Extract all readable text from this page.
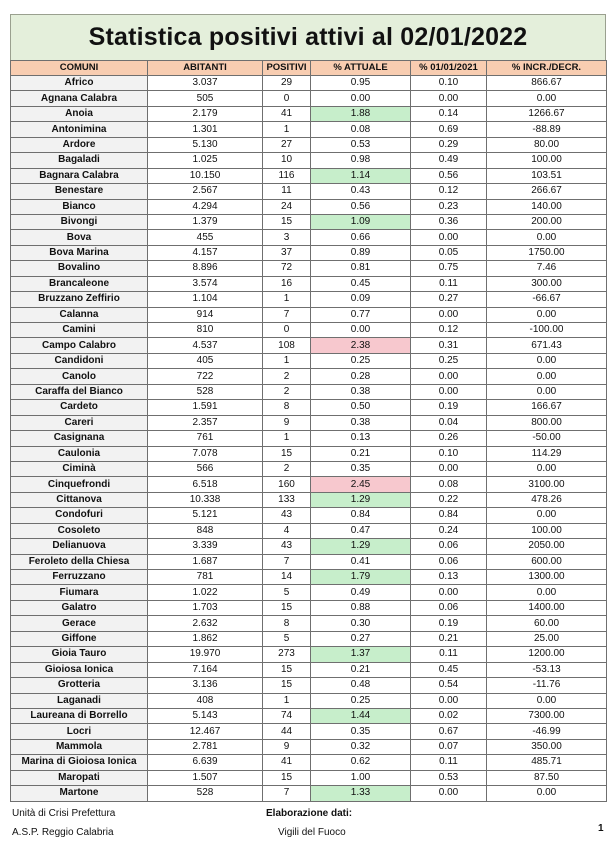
Statistica positivi attivi al 02/01/2022
COMUNI	ABITANTI	POSITIVI	% ATTUALE	% 01/01/2021	% INCR./DECR.
Africo	3.037	29	0.95	0.10	866.67
Agnana Calabra	505	0	0.00	0.00	0.00
Anoia	2.179	41	1.88	0.14	1266.67
Antonimina	1.301	1	0.08	0.69	-88.89
Ardore	5.130	27	0.53	0.29	80.00
Bagaladi	1.025	10	0.98	0.49	100.00
Bagnara Calabra	10.150	116	1.14	0.56	103.51
Benestare	2.567	11	0.43	0.12	266.67
Bianco	4.294	24	0.56	0.23	140.00
Bivongi	1.379	15	1.09	0.36	200.00
Bova	455	3	0.66	0.00	0.00
Bova Marina	4.157	37	0.89	0.05	1750.00
Bovalino	8.896	72	0.81	0.75	7.46
Brancaleone	3.574	16	0.45	0.11	300.00
Bruzzano Zeffirio	1.104	1	0.09	0.27	-66.67
Calanna	914	7	0.77	0.00	0.00
Camini	810	0	0.00	0.12	-100.00
Campo Calabro	4.537	108	2.38	0.31	671.43
Candidoni	405	1	0.25	0.25	0.00
Canolo	722	2	0.28	0.00	0.00
Caraffa del Bianco	528	2	0.38	0.00	0.00
Cardeto	1.591	8	0.50	0.19	166.67
Careri	2.357	9	0.38	0.04	800.00
Casignana	761	1	0.13	0.26	-50.00
Caulonia	7.078	15	0.21	0.10	114.29
Ciminà	566	2	0.35	0.00	0.00
Cinquefrondi	6.518	160	2.45	0.08	3100.00
Cittanova	10.338	133	1.29	0.22	478.26
Condofuri	5.121	43	0.84	0.84	0.00
Cosoleto	848	4	0.47	0.24	100.00
Delianuova	3.339	43	1.29	0.06	2050.00
Feroleto della Chiesa	1.687	7	0.41	0.06	600.00
Ferruzzano	781	14	1.79	0.13	1300.00
Fiumara	1.022	5	0.49	0.00	0.00
Galatro	1.703	15	0.88	0.06	1400.00
Gerace	2.632	8	0.30	0.19	60.00
Giffone	1.862	5	0.27	0.21	25.00
Gioia Tauro	19.970	273	1.37	0.11	1200.00
Gioiosa Ionica	7.164	15	0.21	0.45	-53.13
Grotteria	3.136	15	0.48	0.54	-11.76
Laganadi	408	1	0.25	0.00	0.00
Laureana di Borrello	5.143	74	1.44	0.02	7300.00
Locri	12.467	44	0.35	0.67	-46.99
Mammola	2.781	9	0.32	0.07	350.00
Marina di Gioiosa Ionica	6.639	41	0.62	0.11	485.71
Maropati	1.507	15	1.00	0.53	87.50
Martone	528	7	1.33	0.00	0.00
Unità di Crisi Prefettura
A.S.P. Reggio Calabria
Elaborazione dati:
Vigili del Fuoco	1
